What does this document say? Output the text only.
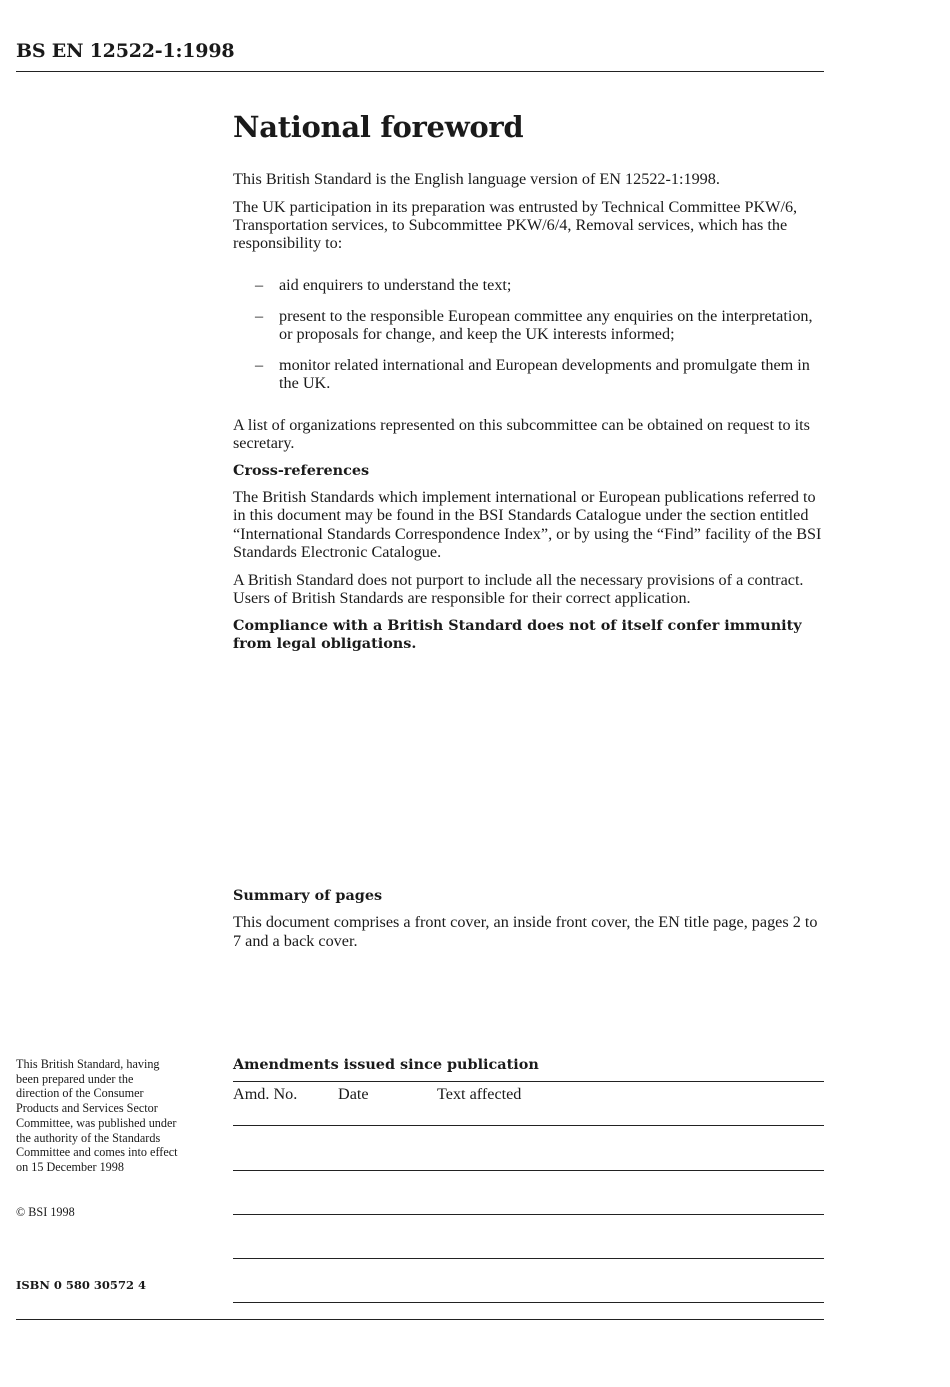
BS EN 12522-1:1998
National foreword

This British Standard is the English language version of EN 12522-1:1998.

The UK participation in its preparation was entrusted by Technical Committee PKW/6, Transportation services, to Subcommittee PKW/6/4, Removal services, which has the responsibility to:

– aid enquirers to understand the text;
– present to the responsible European committee any enquiries on the interpretation, or proposals for change, and keep the UK interests informed;
– monitor related international and European developments and promulgate them in the UK.

A list of organizations represented on this subcommittee can be obtained on request to its secretary.

Cross-references

The British Standards which implement international or European publications referred to in this document may be found in the BSI Standards Catalogue under the section entitled “International Standards Correspondence Index”, or by using the “Find” facility of the BSI Standards Electronic Catalogue.

A British Standard does not purport to include all the necessary provisions of a contract. Users of British Standards are responsible for their correct application.

Compliance with a British Standard does not of itself confer immunity from legal obligations.

Summary of pages

This document comprises a front cover, an inside front cover, the EN title page, pages 2 to 7 and a back cover.

This British Standard, having
been prepared under the
direction of the Consumer
Products and Services Sector
Committee, was published under
the authority of the Standards
Committee and comes into effect
on 15 December 1998
© BSI 1998
ISBN 0 580 30572 4
Amendments issued since publication
Amd. No.	Date	Text affected
